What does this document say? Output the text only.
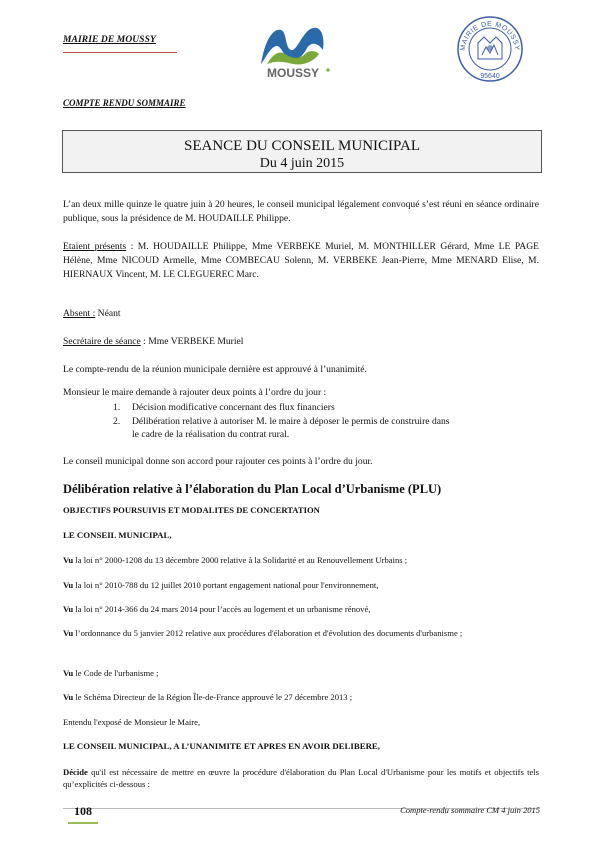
MAIRIE DE MOUSSY
MOUSSY
MAIRIE DE MOUSSY
95640
COMPTE RENDU SOMMAIRE
SEANCE DU CONSEIL MUNICIPAL
Du 4 juin 2015
L’an deux mille quinze le quatre juin à 20 heures, le conseil municipal légalement convoqué s’est réuni en séance ordinaire publique, sous la présidence de M. HOUDAILLE Philippe.
Etaient présents : M. HOUDAILLE Philippe, Mme VERBEKE Muriel, M. MONTHILLER Gérard, Mme LE PAGE Hélène, Mme NICOUD Armelle, Mme COMBECAU Solenn, M. VERBEKE Jean-Pierre, Mme MENARD Elise, M. HIERNAUX Vincent, M. LE CLEGUEREC Marc.
Absent : Néant
Secrétaire de séance : Mme VERBEKE Muriel
Le compte-rendu de la réunion municipale dernière est approuvé à l’unanimité.
Monsieur le maire demande à rajouter deux points à l’ordre du jour :
1. Décision modificative concernant des flux financiers
2. Délibération relative à autoriser M. le maire à déposer le permis de construire dans
le cadre de la réalisation du contrat rural.
Le conseil municipal donne son accord pour rajouter ces points à l’ordre du jour.
Délibération relative à l’élaboration du Plan Local d’Urbanisme (PLU)
OBJECTIFS POURSUIVIS ET MODALITES DE CONCERTATION
LE CONSEIL MUNICIPAL,
Vu la loi n° 2000-1208 du 13 décembre 2000 relative à la Solidarité et au Renouvellement Urbains ;
Vu la loi n° 2010-788 du 12 juillet 2010 portant engagement national pour l'environnement,
Vu la loi n° 2014-366 du 24 mars 2014 pour l’accès au logement et un urbanisme rénové,
Vu l’ordonnance du 5 janvier 2012 relative aux procédures d'élaboration et d'évolution des documents d'urbanisme ;
Vu le Code de l'urbanisme ;
Vu le Schéma Directeur de la Région Île-de-France approuvé le 27 décembre 2013 ;
Entendu l'exposé de Monsieur le Maire,
LE CONSEIL MUNICIPAL, A L’UNANIMITE ET APRES EN AVOIR DELIBERE,
Décide qu'il est nécessaire de mettre en œuvre la procédure d'élaboration du Plan Local d'Urbanisme pour les motifs et objectifs tels qu’explicités ci-dessous :
108	Compte-rendu sommaire CM 4 juin 2015
